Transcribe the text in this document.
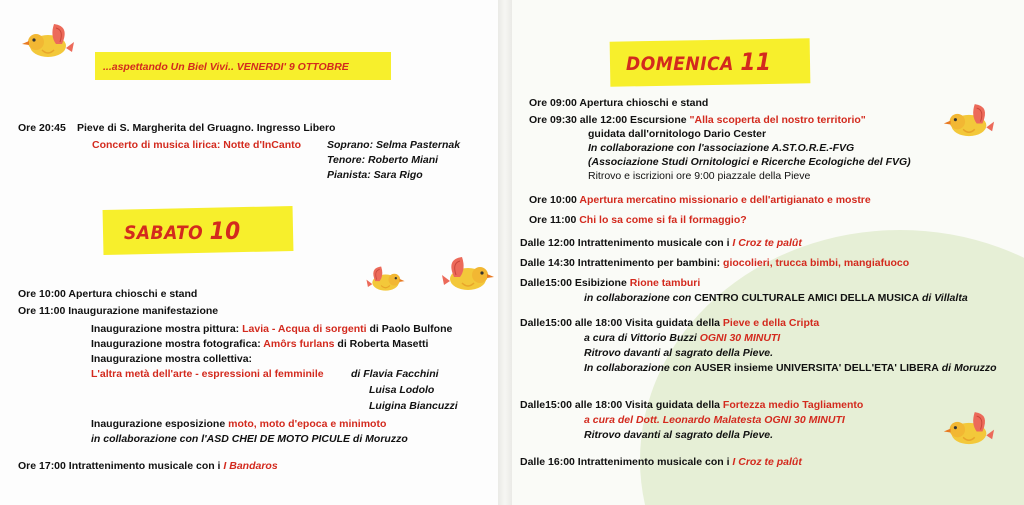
...aspettando Un Biel Vivi.. VENERDI' 9 OTTOBRE
Ore 20:45 Pieve di S. Margherita del Gruagno. Ingresso Libero
Concerto di musica lirica: Notte d'InCanto Soprano: Selma Pasternak
Tenore: Roberto Miani
Pianista: Sara Rigo
SABATO 10
Ore 10:00 Apertura chioschi e stand
Ore 11:00 Inaugurazione manifestazione
Inaugurazione mostra pittura: Lavia - Acqua di sorgenti di Paolo Bulfone
Inaugurazione mostra fotografica: Amôrs furlans di Roberta Masetti
Inaugurazione mostra collettiva:
L'altra metà dell'arte - espressioni al femminile	di Flavia Facchini
Luisa Lodolo
Luigina Biancuzzi
Inaugurazione esposizione moto, moto d'epoca e minimoto
in collaborazione con l'ASD CHEI DE MOTO PICULE di Moruzzo
Ore 17:00 Intrattenimento musicale con i I Bandaros
DOMENICA 11
Ore 09:00 Apertura chioschi e stand
Ore 09:30 alle 12:00 Escursione "Alla scoperta del nostro territorio"
guidata dall'ornitologo Dario Cester
In collaborazione con l'associazione A.ST.O.R.E.-FVG
(Associazione Studi Ornitologici e Ricerche Ecologiche del FVG)
Ritrovo e iscrizioni ore 9:00 piazzale della Pieve
Ore 10:00 Apertura mercatino missionario e dell'artigianato e mostre
Ore 11:00 Chi lo sa come si fa il formaggio?
Dalle 12:00 Intrattenimento musicale con i I Croz te palût
Dalle 14:30 Intrattenimento per bambini: giocolieri, trucca bimbi, mangiafuoco
Dalle15:00 Esibizione Rione tamburi
in collaborazione con CENTRO CULTURALE AMICI DELLA MUSICA di Villalta
Dalle15:00 alle 18:00 Visita guidata della Pieve e della Cripta
a cura di Vittorio Buzzi OGNI 30 MINUTI
Ritrovo davanti al sagrato della Pieve.
In collaborazione con AUSER insieme UNIVERSITA' DELL'ETA' LIBERA di Moruzzo
Dalle15:00 alle 18:00 Visita guidata della Fortezza medio Tagliamento
a cura del Dott. Leonardo Malatesta OGNI 30 MINUTI
Ritrovo davanti al sagrato della Pieve.
Dalle 16:00 Intrattenimento musicale con i I Croz te palût
